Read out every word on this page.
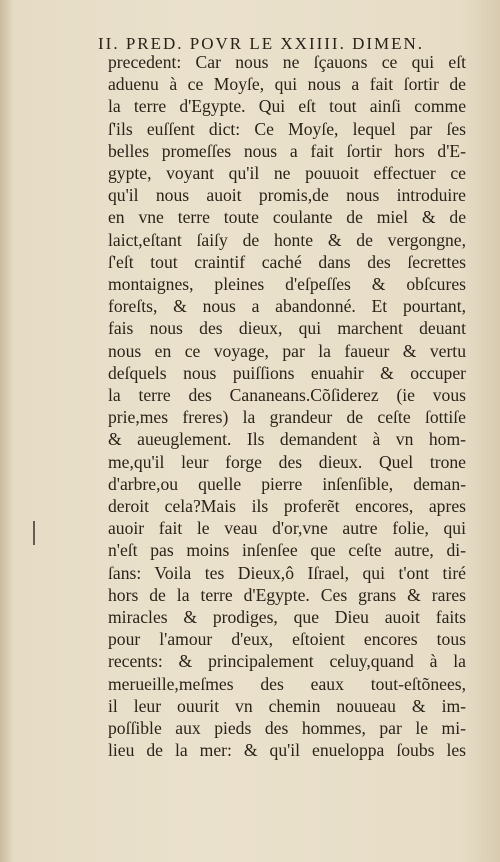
II. PRED. POVR LE XXIIII. DIMEN.
precedent: Car nous ne ſçauons ce qui eſt
aduenu à ce Moyſe, qui nous a fait ſortir de
la terre d'Egypte. Qui eſt tout ainſi comme
ſ'ils euſſent dict: Ce Moyſe, lequel par ſes
belles promeſſes nous a fait ſortir hors d'E-
gypte, voyant qu'il ne pouuoit effectuer ce
qu'il nous auoit promis,de nous introduire
en vne terre toute coulante de miel & de
laict,eſtant ſaiſy de honte & de vergongne,
ſ'eſt tout craintif caché dans des ſecrettes
montaignes, pleines d'eſpeſſes & obſcures
foreſts, & nous a abandonné. Et pourtant,
fais nous des dieux, qui marchent deuant
nous en ce voyage, par la faueur & vertu
deſquels nous puiſſions enuahir & occuper
la terre des Cananeans.Cõſiderez (ie vous
prie,mes freres) la grandeur de ceſte ſottiſe
& aueuglement. Ils demandent à vn hom-
me,qu'il leur forge des dieux. Quel trone
d'arbre,ou quelle pierre inſenſible, deman-
deroit cela?Mais ils proferẽt encores, apres
auoir fait le veau d'or,vne autre folie, qui
n'eſt pas moins inſenſee que ceſte autre, di-
ſans: Voila tes Dieux,ô Iſrael, qui t'ont tiré
hors de la terre d'Egypte. Ces grans & rares
miracles & prodiges, que Dieu auoit faits
pour l'amour d'eux, eſtoient encores tous
recents: & principalement celuy,quand à la
merueille,meſmes des eaux tout-eſtõnees,
il leur ouurit vn chemin nouueau & im-
poſſible aux pieds des hommes, par le mi-
lieu de la mer: & qu'il enueloppa ſoubs les
